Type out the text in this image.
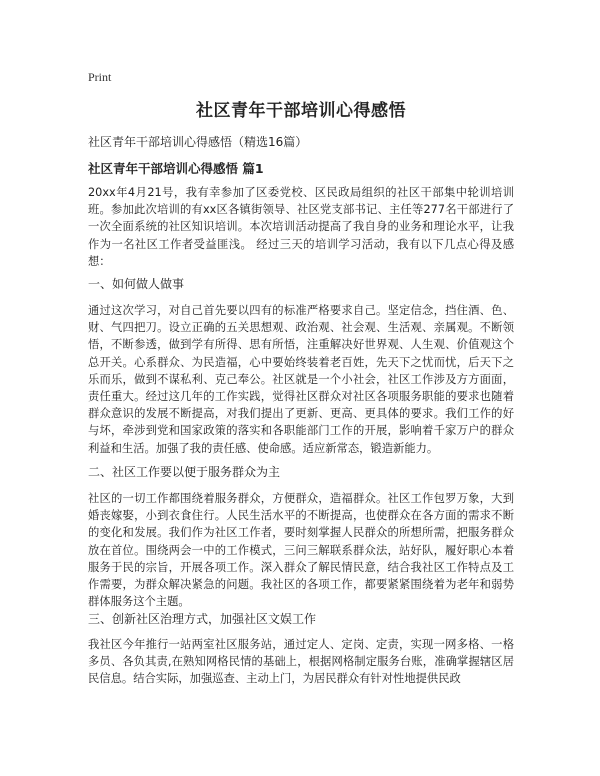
Print
社区青年干部培训心得感悟
社区青年干部培训心得感悟（精选16篇）
社区青年干部培训心得感悟 篇1

20xx年4月21号，我有幸参加了区委党校、区民政局组织的社区干部集中轮训培训班。参加此次培训的有xx区各镇街领导、社区党支部书记、主任等277名干部进行了一次全面系统的社区知识培训。本次培训活动提高了我自身的业务和理论水平，让我作为一名社区工作者受益匪浅。 经过三天的培训学习活动，我有以下几点心得及感想：

一、如何做人做事

通过这次学习，对自己首先要以四有的标准严格要求自己。坚定信念，挡住酒、色、财、气四把刀。设立正确的五关思想观、政治观、社会观、生活观、亲属观。不断领悟，不断参透，做到学有所得、思有所悟，注重解决好世界观、人生观、价值观这个总开关。心系群众、为民造福，心中要始终装着老百姓，先天下之忧而忧，后天下之乐而乐，做到不谋私利、克己奉公。社区就是一个小社会，社区工作涉及方方面面，责任重大。经过这几年的工作实践，觉得社区群众对社区各项服务职能的要求也随着群众意识的发展不断提高，对我们提出了更新、更高、更具体的要求。我们工作的好与坏，牵涉到党和国家政策的落实和各职能部门工作的开展，影响着千家万户的群众利益和生活。加强了我的责任感、使命感。适应新常态，锻造新能力。

二、社区工作要以便于服务群众为主

社区的一切工作都围绕着服务群众，方便群众，造福群众。社区工作包罗万象，大到婚丧嫁娶，小到衣食住行。人民生活水平的不断提高，也使群众在各方面的需求不断的变化和发展。我们作为社区工作者，要时刻掌握人民群众的所想所需，把服务群众放在首位。围绕两会一中的工作模式，三问三解联系群众法，站好队，履好职心本着服务于民的宗旨，开展各项工作。深入群众了解民情民意，结合我社区工作特点及工作需要，为群众解决紧急的问题。我社区的各项工作，都要紧紧围绕着为老年和弱势群体服务这个主题。

三、创新社区治理方式，加强社区文娱工作

我社区今年推行一站两室社区服务站，通过定人、定岗、定责，实现一网多格、一格多员、各负其责,在熟知网格民情的基础上，根据网格制定服务台账，准确掌握辖区居民信息。结合实际，加强巡查、主动上门，为居民群众有针对性地提供民政
